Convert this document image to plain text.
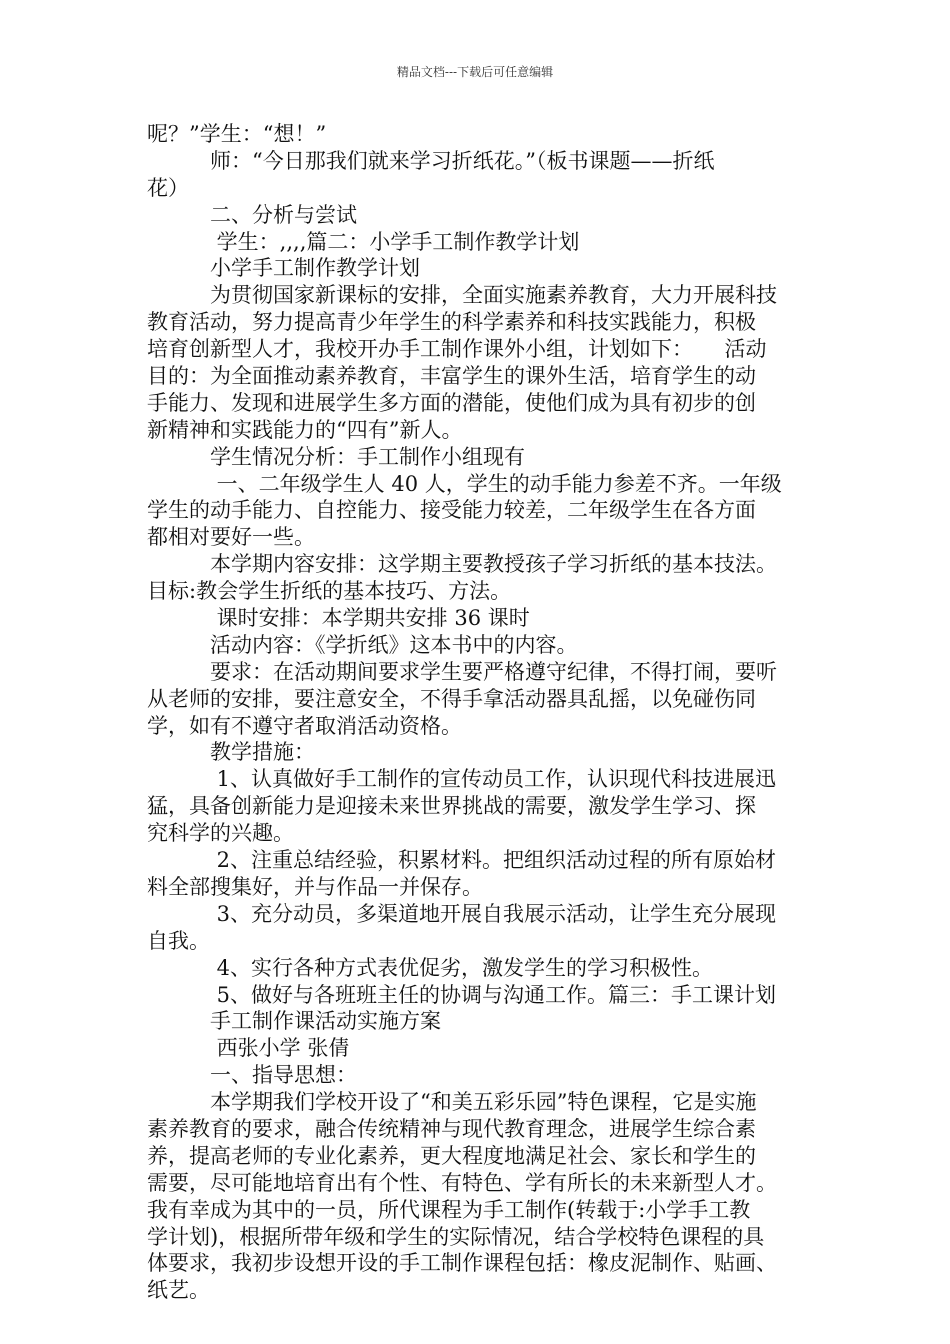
精品文档---下载后可任意编辑
呢？”学生：“想！”
　　　师：“今日那我们就来学习折纸花。”（板书课题——折纸
花）
　　　二、分析与尝试
　　　 学生：,,,,篇二：小学手工制作教学计划
　　　小学手工制作教学计划
　　　为贯彻国家新课标的安排，全面实施素养教育，大力开展科技
教育活动，努力提高青少年学生的科学素养和科技实践能力，积极
培育创新型人才，我校开办手工制作课外小组，计划如下：　　活动
目的：为全面推动素养教育，丰富学生的课外生活，培育学生的动
手能力、发现和进展学生多方面的潜能，使他们成为具有初步的创
新精神和实践能力的“四有”新人。
　　　学生情况分析：手工制作小组现有
　　　 一、二年级学生人 40 人，学生的动手能力参差不齐。一年级
学生的动手能力、自控能力、接受能力较差，二年级学生在各方面
都相对要好一些。
　　　本学期内容安排：这学期主要教授孩子学习折纸的基本技法。
目标:教会学生折纸的基本技巧、方法。
　　　 课时安排：本学期共安排 36 课时
　　　活动内容：《学折纸》这本书中的内容。
　　　要求：在活动期间要求学生要严格遵守纪律，不得打闹，要听
从老师的安排，要注意安全，不得手拿活动器具乱摇，以免碰伤同
学，如有不遵守者取消活动资格。
　　　教学措施：
　　　 1、认真做好手工制作的宣传动员工作，认识现代科技进展迅
猛，具备创新能力是迎接未来世界挑战的需要，激发学生学习、探
究科学的兴趣。
　　　 2、注重总结经验，积累材料。把组织活动过程的所有原始材
料全部搜集好，并与作品一并保存。
　　　 3、充分动员，多渠道地开展自我展示活动，让学生充分展现
自我。
　　　 4、实行各种方式表优促劣，激发学生的学习积极性。
　　　 5、做好与各班班主任的协调与沟通工作。篇三：手工课计划
　　　手工制作课活动实施方案
　　　 西张小学 张倩
　　　一、指导思想：
　　　本学期我们学校开设了“和美五彩乐园”特色课程，它是实施
素养教育的要求，融合传统精神与现代教育理念，进展学生综合素
养，提高老师的专业化素养，更大程度地满足社会、家长和学生的
需要，尽可能地培育出有个性、有特色、学有所长的未来新型人才。
我有幸成为其中的一员，所代课程为手工制作(转载于:小学手工教
学计划)，根据所带年级和学生的实际情况，结合学校特色课程的具
体要求，我初步设想开设的手工制作课程包括：橡皮泥制作、贴画、
纸艺。
